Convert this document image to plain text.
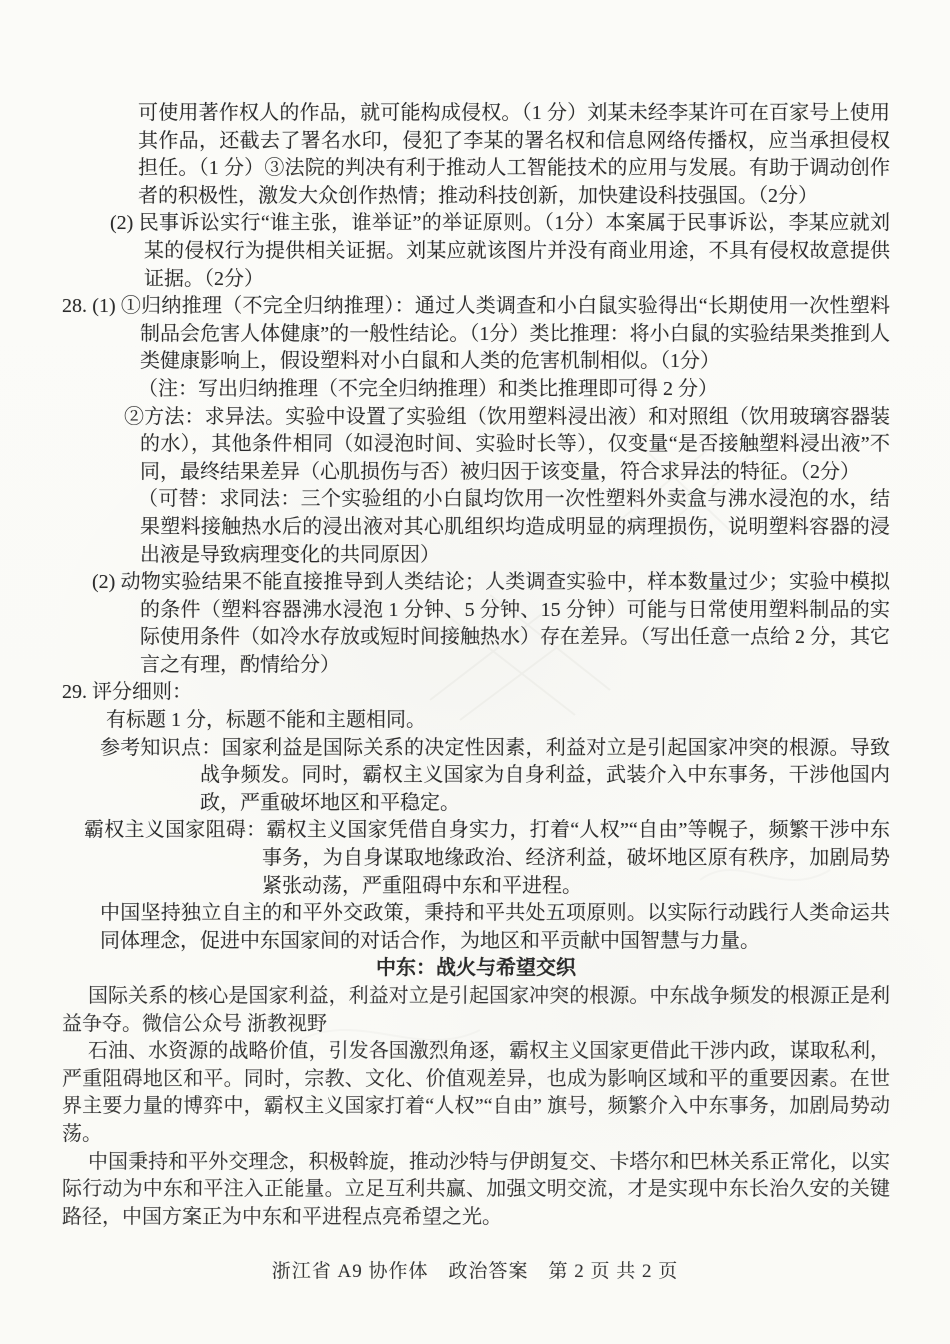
可使用著作权人的作品，就可能构成侵权。（1 分）刘某未经李某许可在百家号上使用其作品，还截去了署名水印，侵犯了李某的署名权和信息网络传播权，应当承担侵权担任。（1 分）③法院的判决有利于推动人工智能技术的应用与发展。有助于调动创作者的积极性，激发大众创作热情；推动科技创新，加快建设科技强国。（2分）

(2) 民事诉讼实行“谁主张，谁举证”的举证原则。（1分）本案属于民事诉讼，李某应就刘某的侵权行为提供相关证据。刘某应就该图片并没有商业用途，不具有侵权故意提供证据。（2分）

28. (1) ①归纳推理（不完全归纳推理）：通过人类调查和小白鼠实验得出“长期使用一次性塑料制品会危害人体健康”的一般性结论。（1分）类比推理：将小白鼠的实验结果类推到人类健康影响上，假设塑料对小白鼠和人类的危害机制相似。（1分）

（注：写出归纳推理（不完全归纳推理）和类比推理即可得 2 分）

②方法：求异法。实验中设置了实验组（饮用塑料浸出液）和对照组（饮用玻璃容器装的水），其他条件相同（如浸泡时间、实验时长等），仅变量“是否接触塑料浸出液”不同，最终结果差异（心肌损伤与否）被归因于该变量，符合求异法的特征。（2分）

（可替：求同法：三个实验组的小白鼠均饮用一次性塑料外卖盒与沸水浸泡的水，结果塑料接触热水后的浸出液对其心肌组织均造成明显的病理损伤，说明塑料容器的浸出液是导致病理变化的共同原因）

(2) 动物实验结果不能直接推导到人类结论；人类调查实验中，样本数量过少；实验中模拟的条件（塑料容器沸水浸泡 1 分钟、5 分钟、15 分钟）可能与日常使用塑料制品的实际使用条件（如冷水存放或短时间接触热水）存在差异。（写出任意一点给 2 分，其它言之有理，酌情给分）

29. 评分细则：

有标题 1 分，标题不能和主题相同。

参考知识点：国家利益是国际关系的决定性因素，利益对立是引起国家冲突的根源。导致战争频发。同时，霸权主义国家为自身利益，武装介入中东事务，干涉他国内政，严重破坏地区和平稳定。

霸权主义国家阻碍：霸权主义国家凭借自身实力，打着“人权”“自由”等幌子，频繁干涉中东事务，为自身谋取地缘政治、经济利益，破坏地区原有秩序，加剧局势紧张动荡，严重阻碍中东和平进程。

中国坚持独立自主的和平外交政策，秉持和平共处五项原则。以实际行动践行人类命运共同体理念，促进中东国家间的对话合作，为地区和平贡献中国智慧与力量。

中东：战火与希望交织

国际关系的核心是国家利益，利益对立是引起国家冲突的根源。中东战争频发的根源正是利益争夺。微信公众号 浙教视野

石油、水资源的战略价值，引发各国激烈角逐，霸权主义国家更借此干涉内政，谋取私利，严重阻碍地区和平。同时，宗教、文化、价值观差异，也成为影响区域和平的重要因素。在世界主要力量的博弈中，霸权主义国家打着“人权”“自由” 旗号，频繁介入中东事务，加剧局势动荡。

中国秉持和平外交理念，积极斡旋，推动沙特与伊朗复交、卡塔尔和巴林关系正常化，以实际行动为中东和平注入正能量。立足互利共赢、加强文明交流，才是实现中东长治久安的关键路径，中国方案正为中东和平进程点亮希望之光。

浙江省 A9 协作体　政治答案　第 2 页 共 2 页
